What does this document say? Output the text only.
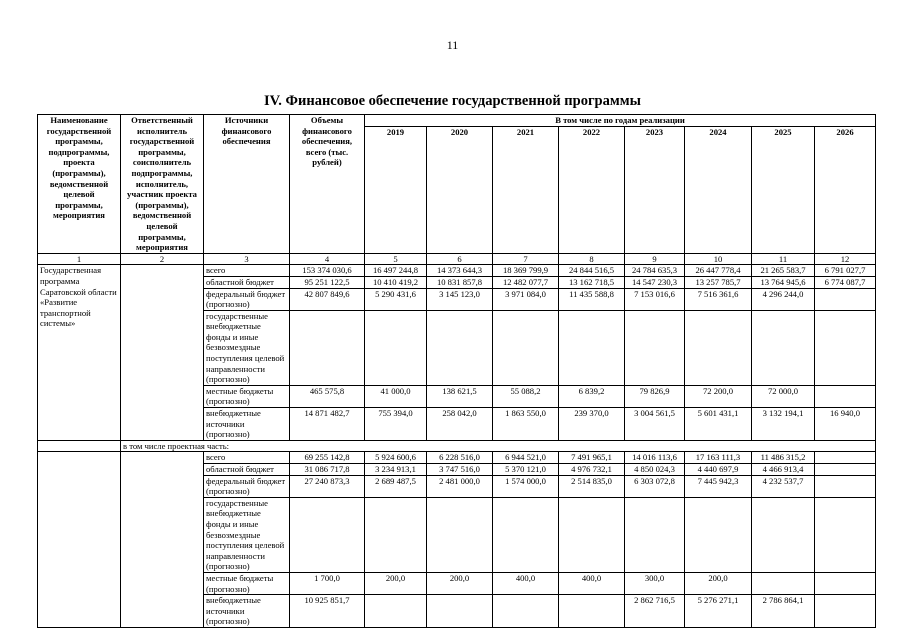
11
IV. Финансовое обеспечение государственной программы
Наименование государственной программы, подпрограммы, проекта (программы), ведомственной целевой программы, мероприятия	Ответственный исполнитель государственной программы, соисполнитель подпрограммы, исполнитель, участник проекта (программы), ведомственной целевой программы, мероприятия	Источники финансового обеспечения	Объемы финансового обеспечения, всего (тыс. рублей)	В том числе по годам реализации							
				2019	2020	2021	2022	2023	2024	2025	2026
1	2	3	4	5	6	7	8	9	10	11	12
Государственная программа Саратовской области «Развитие транспортной системы»		всего	153 374 030,6	16 497 244,8	14 373 644,3	18 369 799,9	24 844 516,5	24 784 635,3	26 447 778,4	21 265 583,7	6 791 027,7
		областной бюджет	95 251 122,5	10 410 419,2	10 831 857,8	12 482 077,7	13 162 718,5	14 547 230,3	13 257 785,7	13 764 945,6	6 774 087,7
		федеральный бюджет (прогнозно)	42 807 849,6	5 290 431,6	3 145 123,0	3 971 084,0	11 435 588,8	7 153 016,6	7 516 361,6	4 296 244,0	
		государственные внебюджетные фонды и иные безвозмездные поступления целевой направленности (прогнозно)									
		местные бюджеты (прогнозно)	465 575,8	41 000,0	138 621,5	55 088,2	6 839,2	79 826,9	72 200,0	72 000,0	
		внебюджетные источники (прогнозно)	14 871 482,7	755 394,0	258 042,0	1 863 550,0	239 370,0	3 004 561,5	5 601 431,1	3 132 194,1	16 940,0
	в том числе проектная часть:										
		всего	69 255 142,8	5 924 600,6	6 228 516,0	6 944 521,0	7 491 965,1	14 016 113,6	17 163 111,3	11 486 315,2	
		областной бюджет	31 086 717,8	3 234 913,1	3 747 516,0	5 370 121,0	4 976 732,1	4 850 024,3	4 440 697,9	4 466 913,4	
		федеральный бюджет (прогнозно)	27 240 873,3	2 689 487,5	2 481 000,0	1 574 000,0	2 514 835,0	6 303 072,8	7 445 942,3	4 232 537,7	
		государственные внебюджетные фонды и иные безвозмездные поступления целевой направленности (прогнозно)									
		местные бюджеты (прогнозно)	1 700,0	200,0	200,0	400,0	400,0	300,0	200,0		
		внебюджетные источники (прогнозно)	10 925 851,7					2 862 716,5	5 276 271,1	2 786 864,1	
